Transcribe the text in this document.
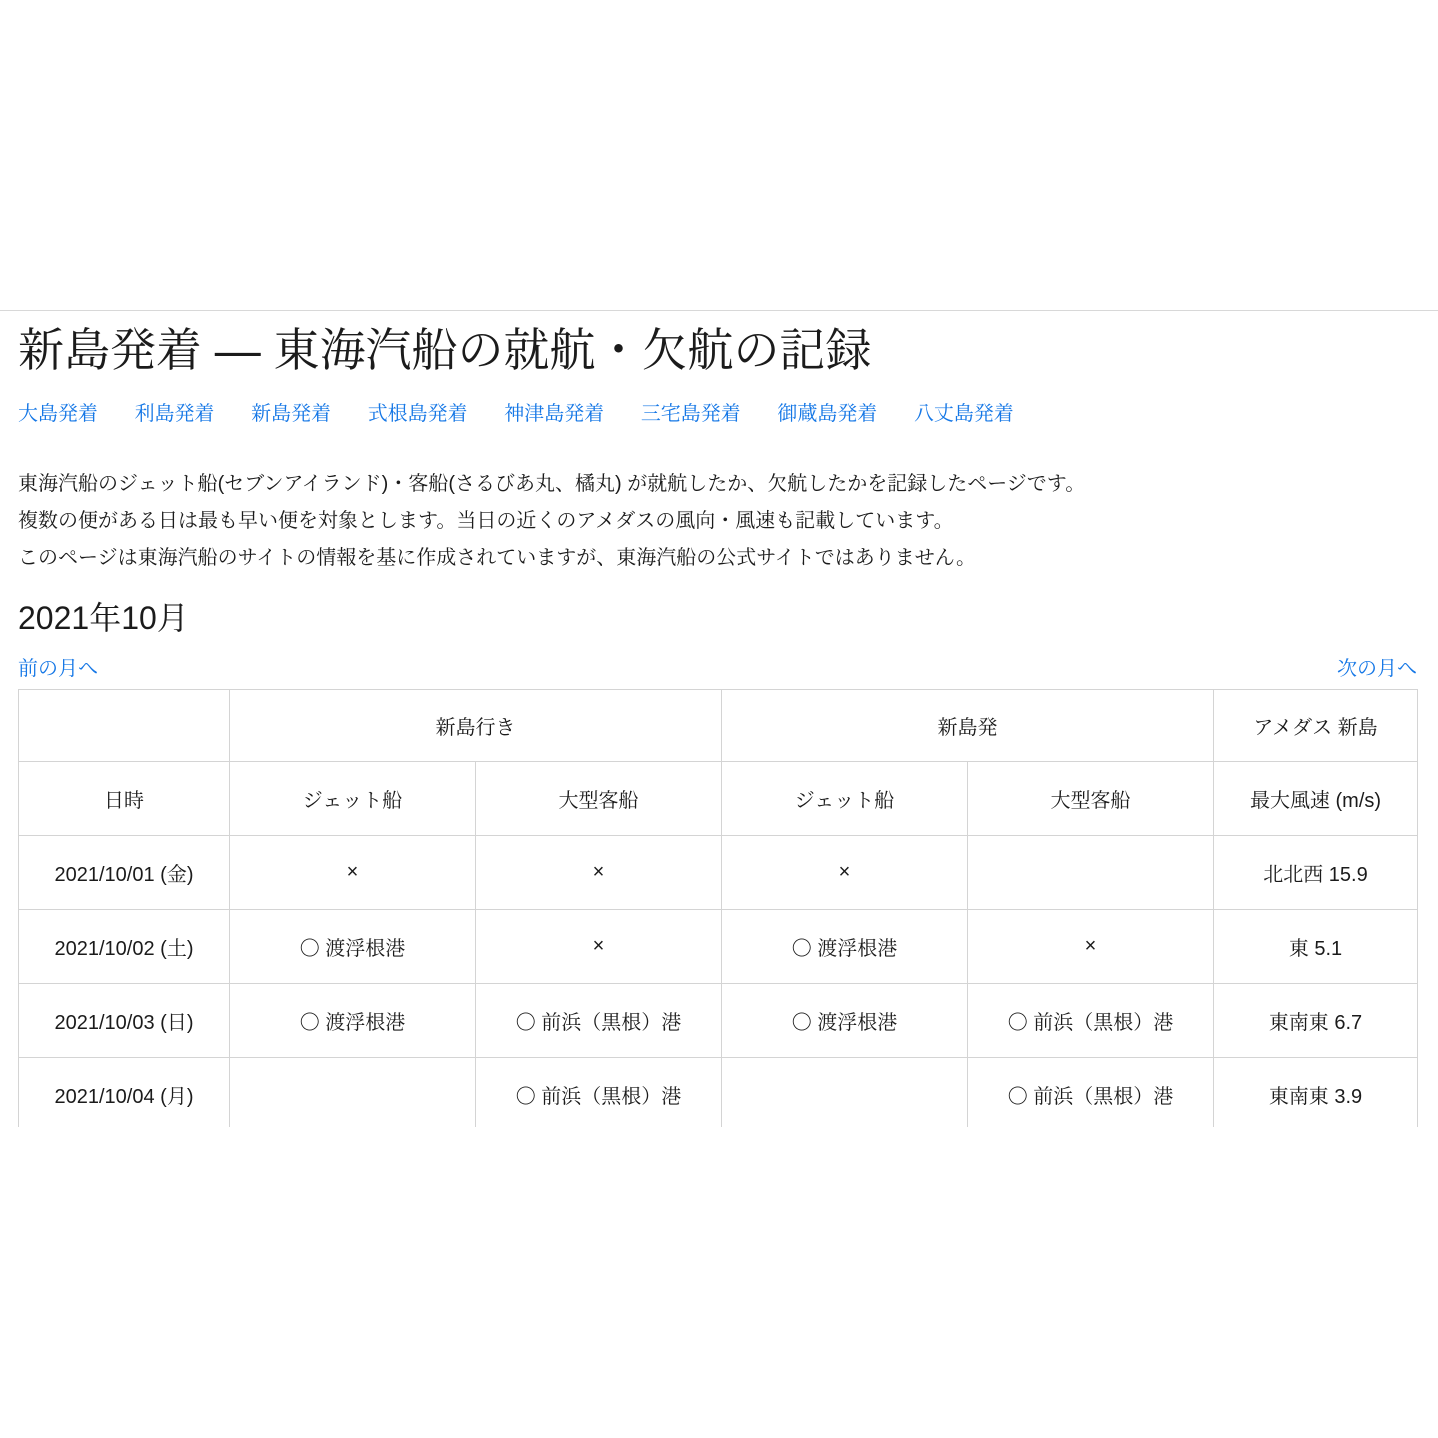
新島発着 — 東海汽船の就航・欠航の記録
大島発着 利島発着 新島発着 式根島発着 神津島発着 三宅島発着 御蔵島発着 八丈島発着
東海汽船のジェット船(セブンアイランド)・客船(さるびあ丸、橘丸) が就航したか、欠航したかを記録したページです。
複数の便がある日は最も早い便を対象とします。当日の近くのアメダスの風向・風速も記載しています。
このページは東海汽船のサイトの情報を基に作成されていますが、東海汽船の公式サイトではありません。
2021年10月
前の月へ	次の月へ
	新島行き		新島発		アメダス 新島
日時	ジェット船	大型客船	ジェット船	大型客船	最大風速 (m/s)
2021/10/01 (金)	×	×	×		北北西 15.9
2021/10/02 (土)	〇 渡浮根港	×	〇 渡浮根港	×	東 5.1
2021/10/03 (日)	〇 渡浮根港	〇 前浜（黒根）港	〇 渡浮根港	〇 前浜（黒根）港	東南東 6.7
2021/10/04 (月)		〇 前浜（黒根）港		〇 前浜（黒根）港	東南東 3.9
